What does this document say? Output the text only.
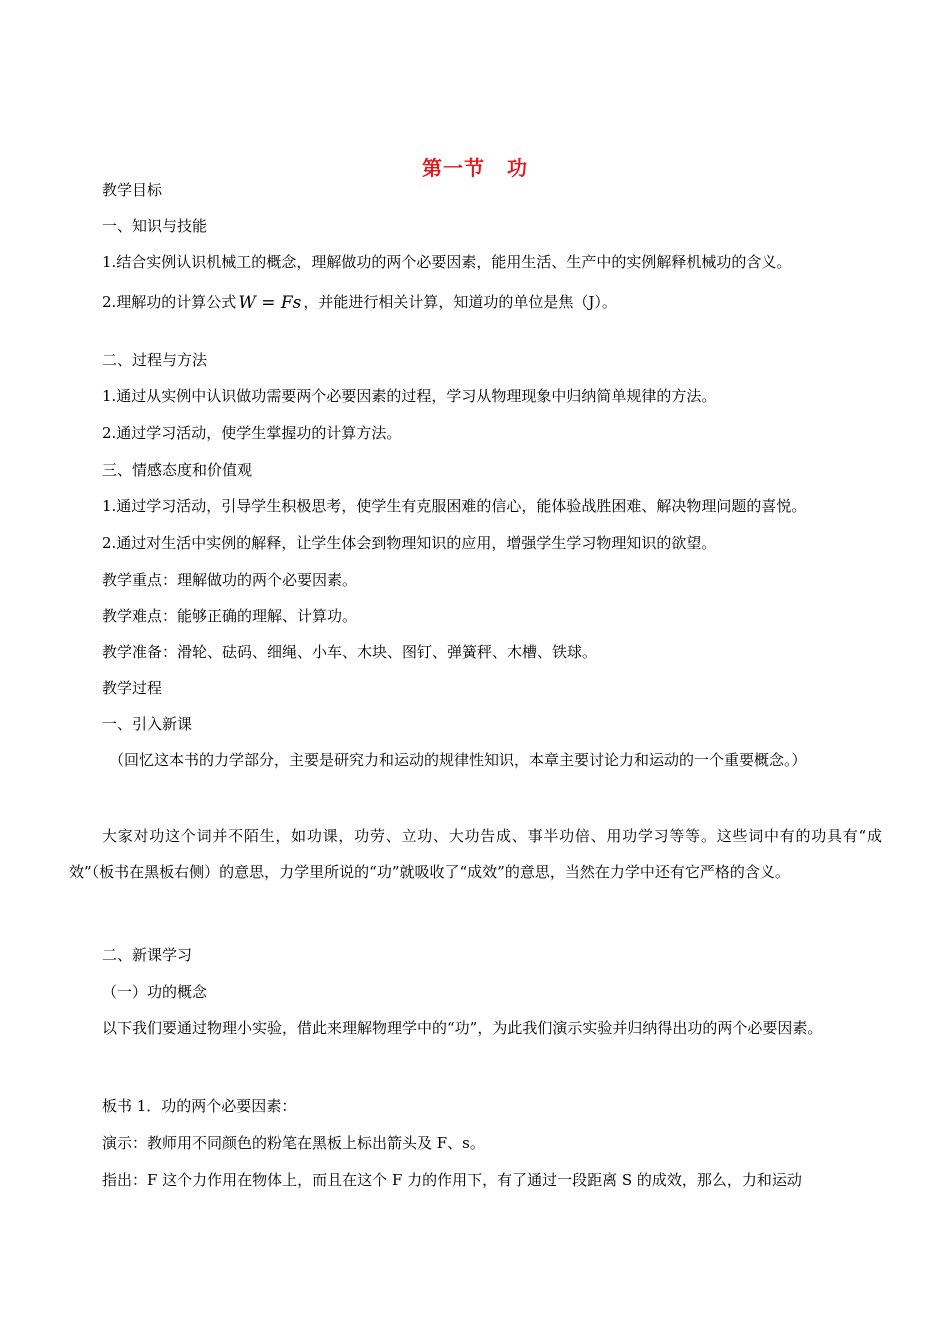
第一节 功
教学目标
一、知识与技能
1.结合实例认识机械工的概念，理解做功的两个必要因素，能用生活、生产中的实例解释机械功的含义。
2.理解功的计算公式 W = Fs ，并能进行相关计算，知道功的单位是焦（J）。
二、过程与方法
1.通过从实例中认识做功需要两个必要因素的过程，学习从物理现象中归纳简单规律的方法。
2.通过学习活动，使学生掌握功的计算方法。
三、情感态度和价值观
1.通过学习活动，引导学生积极思考，使学生有克服困难的信心，能体验战胜困难、解决物理问题的喜悦。
2.通过对生活中实例的解释，让学生体会到物理知识的应用，增强学生学习物理知识的欲望。
教学重点：理解做功的两个必要因素。
教学难点：能够正确的理解、计算功。
教学准备：滑轮、砝码、细绳、小车、木块、图钉、弹簧秤、木槽、铁球。
教学过程
一、引入新课
（回忆这本书的力学部分，主要是研究力和运动的规律性知识，本章主要讨论力和运动的一个重要概念。）
大家对功这个词并不陌生，如功课，功劳、立功、大功告成、事半功倍、用功学习等等。这些词中有的功具有“成效”（板书在黑板右侧）的意思，力学里所说的“功”就吸收了“成效”的意思，当然在力学中还有它严格的含义。
二、新课学习
（一）功的概念
以下我们要通过物理小实验，借此来理解物理学中的“功”，为此我们演示实验并归纳得出功的两个必要因素。
板书 1．功的两个必要因素：
演示：教师用不同颜色的粉笔在黑板上标出箭头及 F、s。
指出：F 这个力作用在物体上，而且在这个 F 力的作用下，有了通过一段距离 S 的成效，那么，力和运动
